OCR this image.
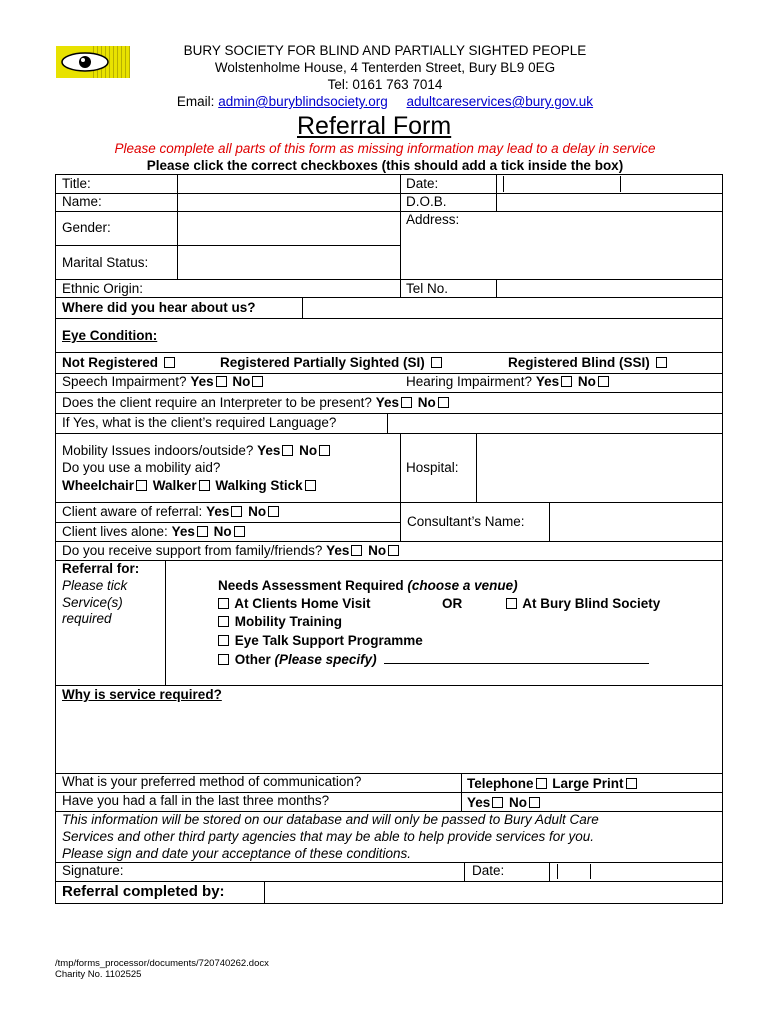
BURY SOCIETY FOR BLIND AND PARTIALLY SIGHTED PEOPLE
Wolstenholme House, 4 Tenterden Street, Bury BL9 0EG
Tel: 0161 763 7014
Email: admin@buryblindsociety.org adultcareservices@bury.gov.uk
Referral Form
Please complete all parts of this form as missing information may lead to a delay in service
Please click the correct checkboxes (this should add a tick inside the box)
Title:	Date:
Name:	D.O.B.
Gender:
Address:
Marital Status:
Ethnic Origin:	Tel No.
Where did you hear about us?
Eye Condition:
Not Registered	Registered Partially Sighted (SI)	Registered Blind (SSI)
Speech Impairment? Yes No	Hearing Impairment? Yes No
Does the client require an Interpreter to be present? Yes No
If Yes, what is the client’s required Language?
Mobility Issues indoors/outside? Yes No
Do you use a mobility aid?
Wheelchair Walker Walking Stick
Hospital:
Client aware of referral: Yes No
Client lives alone: Yes No
Consultant’s Name:
Do you receive support from family/friends? Yes No
Referral for:
Please tick
Service(s)
required
Needs Assessment Required (choose a venue)
At Clients Home Visit	OR	At Bury Blind Society
Mobility Training
Eye Talk Support Programme
Other (Please specify)
Why is service required?
What is your preferred method of communication?	Telephone Large Print
Have you had a fall in the last three months?	Yes No
This information will be stored on our database and will only be passed to Bury Adult Care
Services and other third party agencies that may be able to help provide services for you.
Please sign and date your acceptance of these conditions.
Signature:	Date:
Referral completed by:
/tmp/forms_processor/documents/720740262.docx
Charity No. 1102525
